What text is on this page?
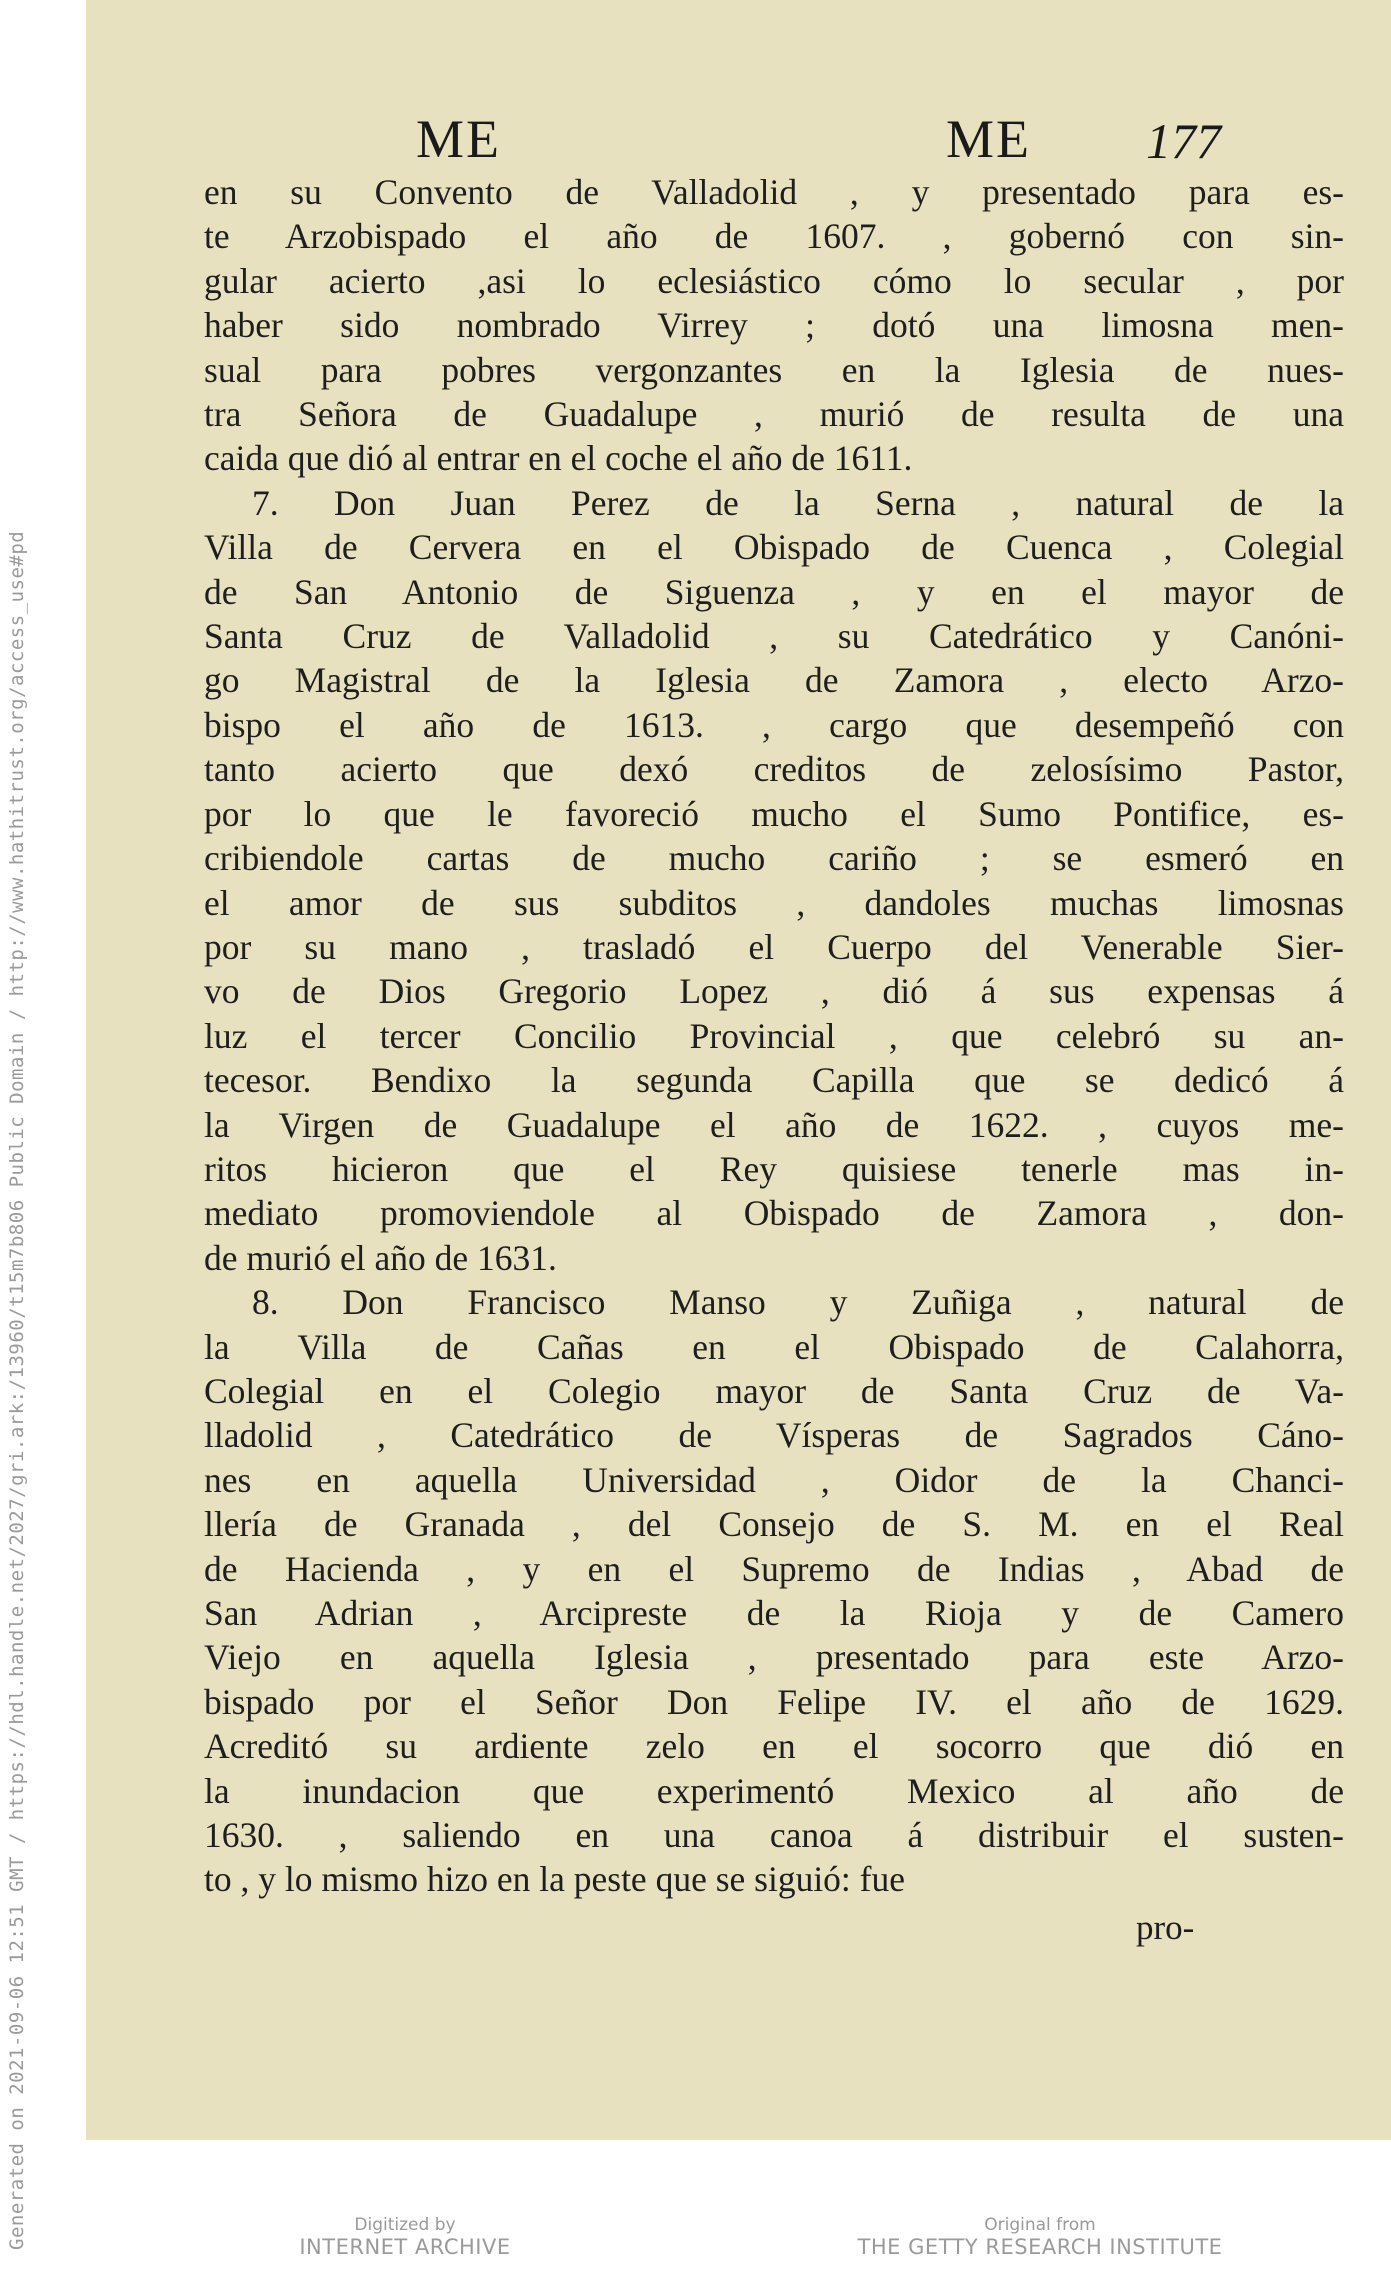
Generated on 2021-09-06 12:51 GMT / https://hdl.handle.net/2027/gri.ark:/13960/t15m7b806 Public Domain / http://www.hathitrust.org/access_use#pd
ME	ME 177
en su Convento de Valladolid , y presentado para es-
te Arzobispado el año de 1607. , gobernó con sin-
gular acierto ,asi lo eclesiástico cómo lo secular , por
haber sido nombrado Virrey ; dotó una limosna men-
sual para pobres vergonzantes en la Iglesia de nues-
tra Señora de Guadalupe , murió de resulta de una
caida que dió al entrar en el coche el año de 1611.
7. Don Juan Perez de la Serna , natural de la
Villa de Cervera en el Obispado de Cuenca , Colegial
de San Antonio de Siguenza , y en el mayor de
Santa Cruz de Valladolid , su Catedrático y Canóni-
go Magistral de la Iglesia de Zamora , electo Arzo-
bispo el año de 1613. , cargo que desempeñó con
tanto acierto que dexó creditos de zelosísimo Pastor,
por lo que le favoreció mucho el Sumo Pontifice, es-
cribiendole cartas de mucho cariño ; se esmeró en
el amor de sus subditos , dandoles muchas limosnas
por su mano , trasladó el Cuerpo del Venerable Sier-
vo de Dios Gregorio Lopez , dió á sus expensas á
luz el tercer Concilio Provincial , que celebró su an-
tecesor. Bendixo la segunda Capilla que se dedicó á
la Virgen de Guadalupe el año de 1622. , cuyos me-
ritos hicieron que el Rey quisiese tenerle mas in-
mediato promoviendole al Obispado de Zamora , don-
de murió el año de 1631.
8. Don Francisco Manso y Zuñiga , natural de
la Villa de Cañas en el Obispado de Calahorra,
Colegial en el Colegio mayor de Santa Cruz de Va-
lladolid , Catedrático de Vísperas de Sagrados Cáno-
nes en aquella Universidad , Oidor de la Chanci-
llería de Granada , del Consejo de S. M. en el Real
de Hacienda , y en el Supremo de Indias , Abad de
San Adrian , Arcipreste de la Rioja y de Camero
Viejo en aquella Iglesia , presentado para este Arzo-
bispado por el Señor Don Felipe IV. el año de 1629.
Acreditó su ardiente zelo en el socorro que dió en
la inundacion que experimentó Mexico al año de
1630. , saliendo en una canoa á distribuir el susten-
to , y lo mismo hizo en la peste que se siguió: fue
pro-
Digitized by
INTERNET ARCHIVE
Original from
THE GETTY RESEARCH INSTITUTE
